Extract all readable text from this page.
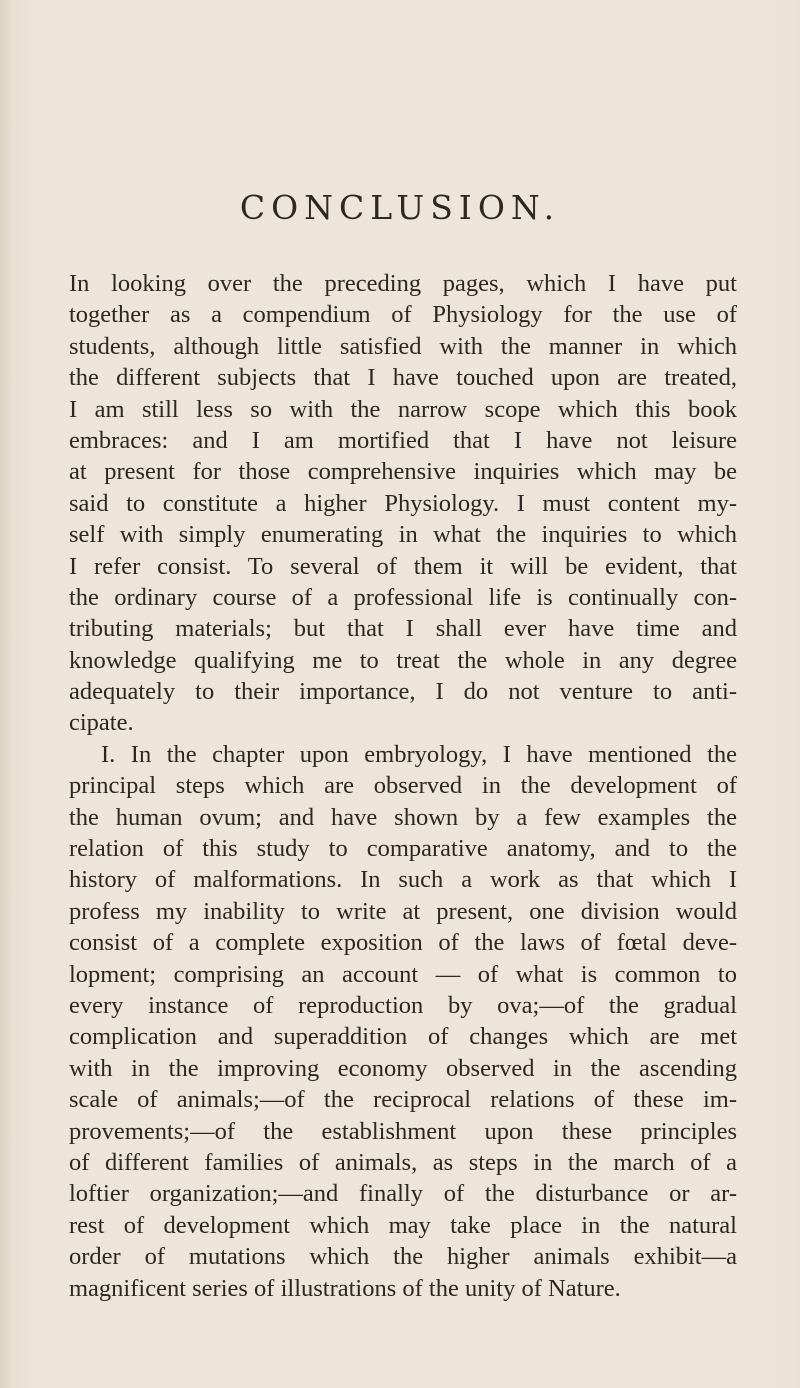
CONCLUSION.
In looking over the preceding pages, which I have put
together as a compendium of Physiology for the use of
students, although little satisfied with the manner in which
the different subjects that I have touched upon are treated,
I am still less so with the narrow scope which this book
embraces: and I am mortified that I have not leisure
at present for those comprehensive inquiries which may be
said to constitute a higher Physiology. I must content my-
self with simply enumerating in what the inquiries to which
I refer consist. To several of them it will be evident, that
the ordinary course of a professional life is continually con-
tributing materials; but that I shall ever have time and
knowledge qualifying me to treat the whole in any degree
adequately to their importance, I do not venture to anti-
cipate.
I. In the chapter upon embryology, I have mentioned the
principal steps which are observed in the development of
the human ovum; and have shown by a few examples the
relation of this study to comparative anatomy, and to the
history of malformations. In such a work as that which I
profess my inability to write at present, one division would
consist of a complete exposition of the laws of fœtal deve-
lopment; comprising an account — of what is common to
every instance of reproduction by ova;—of the gradual
complication and superaddition of changes which are met
with in the improving economy observed in the ascending
scale of animals;—of the reciprocal relations of these im-
provements;—of the establishment upon these principles
of different families of animals, as steps in the march of a
loftier organization;—and finally of the disturbance or ar-
rest of development which may take place in the natural
order of mutations which the higher animals exhibit—a
magnificent series of illustrations of the unity of Nature.
